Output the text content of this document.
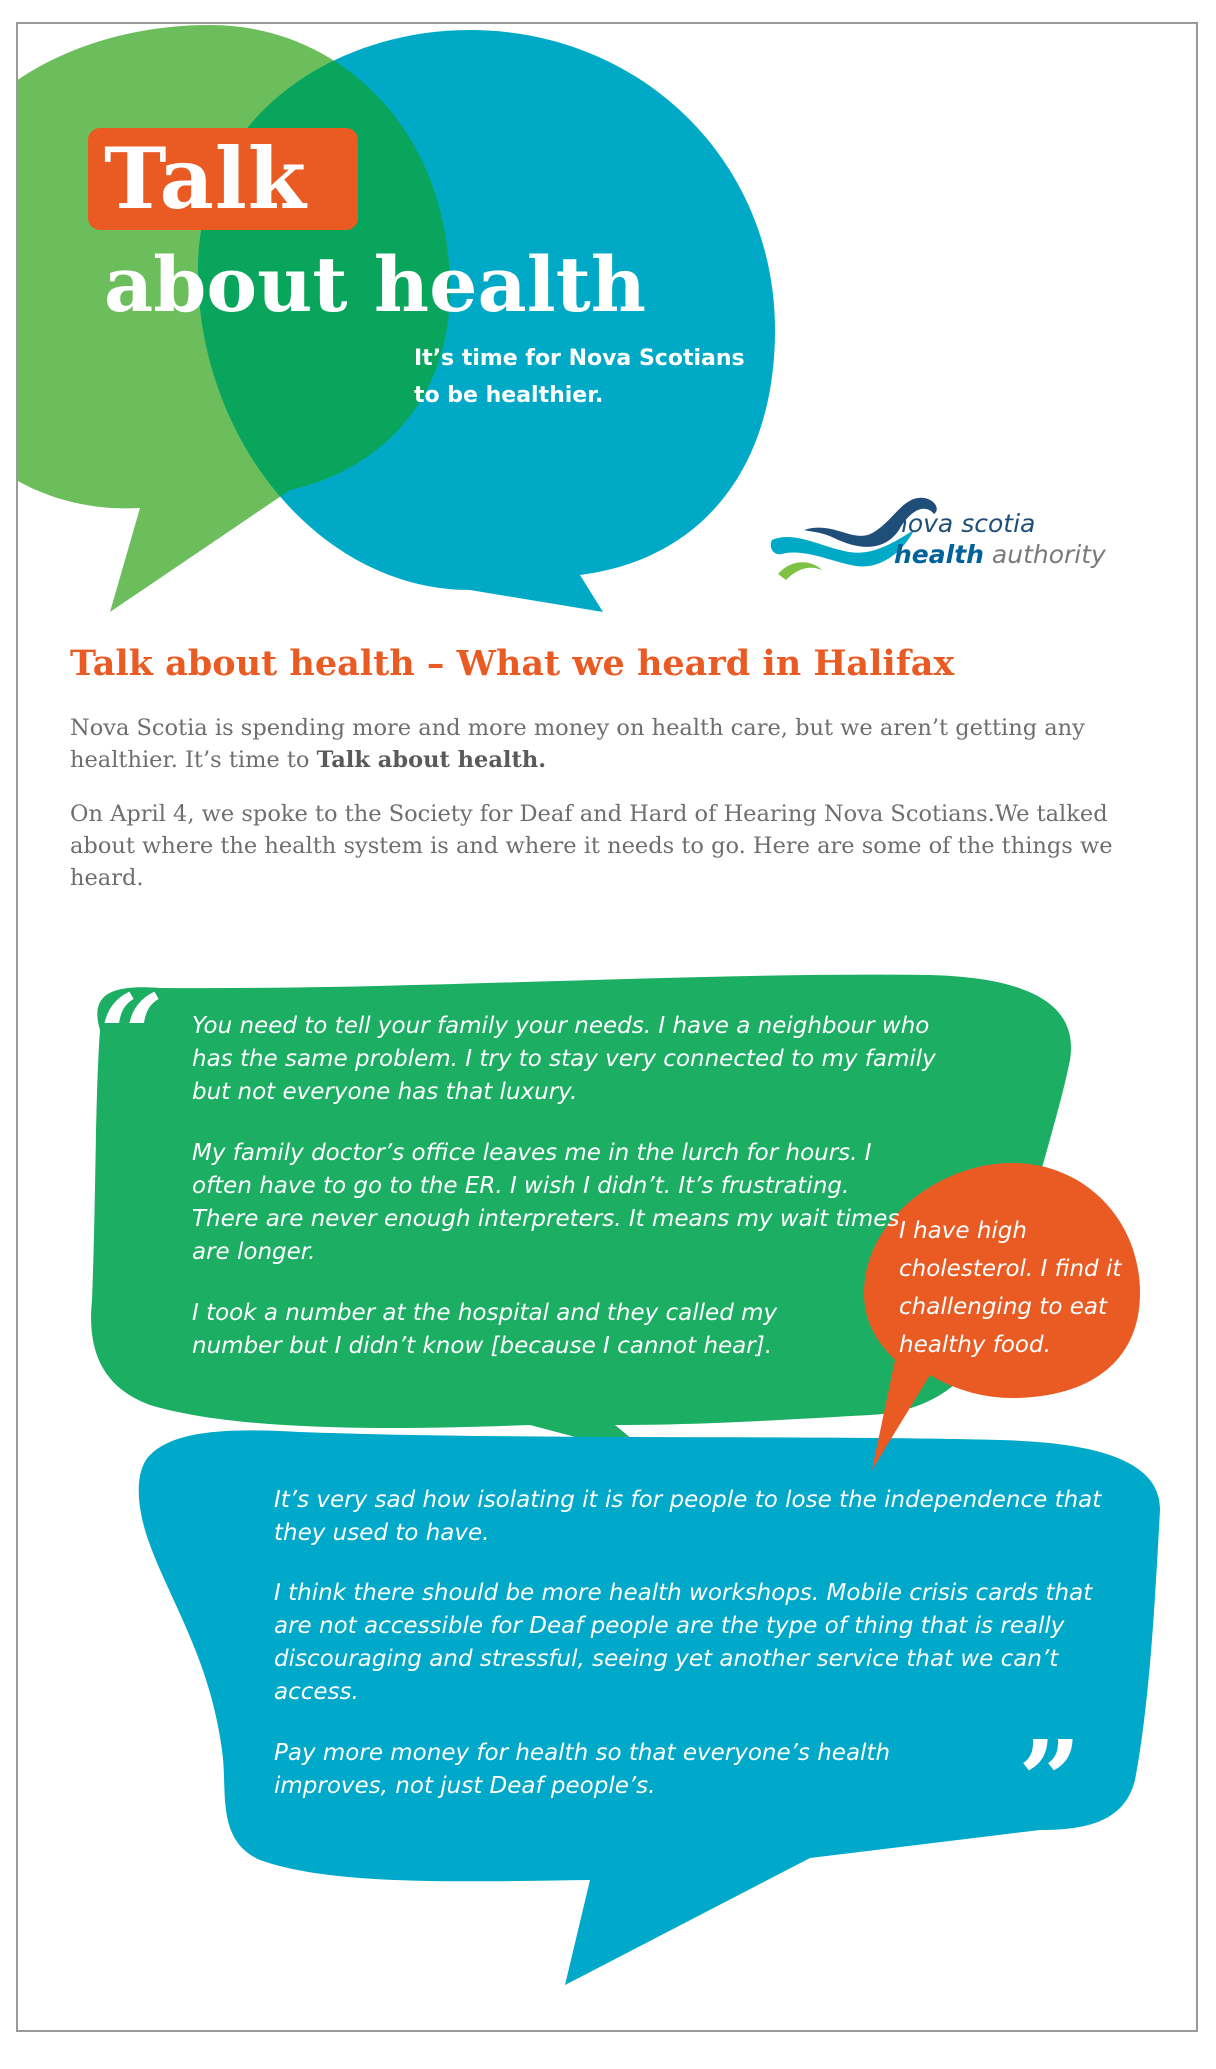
Talk
about health
It’s time for Nova Scotians
to be healthier.
nova scotia
health authority
Talk about health – What we heard in Halifax
Nova Scotia is spending more and more money on health care, but we aren’t getting any healthier. It’s time to Talk about health.
On April 4, we spoke to the Society for Deaf and Hard of Hearing Nova Scotians.We talked about where the health system is and where it needs to go. Here are some of the things we heard.
“ You need to tell your family your needs. I have a neighbour who has the same problem. I try to stay very connected to my family but not everyone has that luxury.
My family doctor’s office leaves me in the lurch for hours. I often have to go to the ER. I wish I didn’t. It’s frustrating. There are never enough interpreters. It means my wait times are longer.
I took a number at the hospital and they called my number but I didn’t know [because I cannot hear].
I have high cholesterol. I find it challenging to eat healthy food.
It’s very sad how isolating it is for people to lose the independence that they used to have.
I think there should be more health workshops. Mobile crisis cards that are not accessible for Deaf people are the type of thing that is really discouraging and stressful, seeing yet another service that we can’t access.
Pay more money for health so that everyone’s health improves, not just Deaf people’s.	”
